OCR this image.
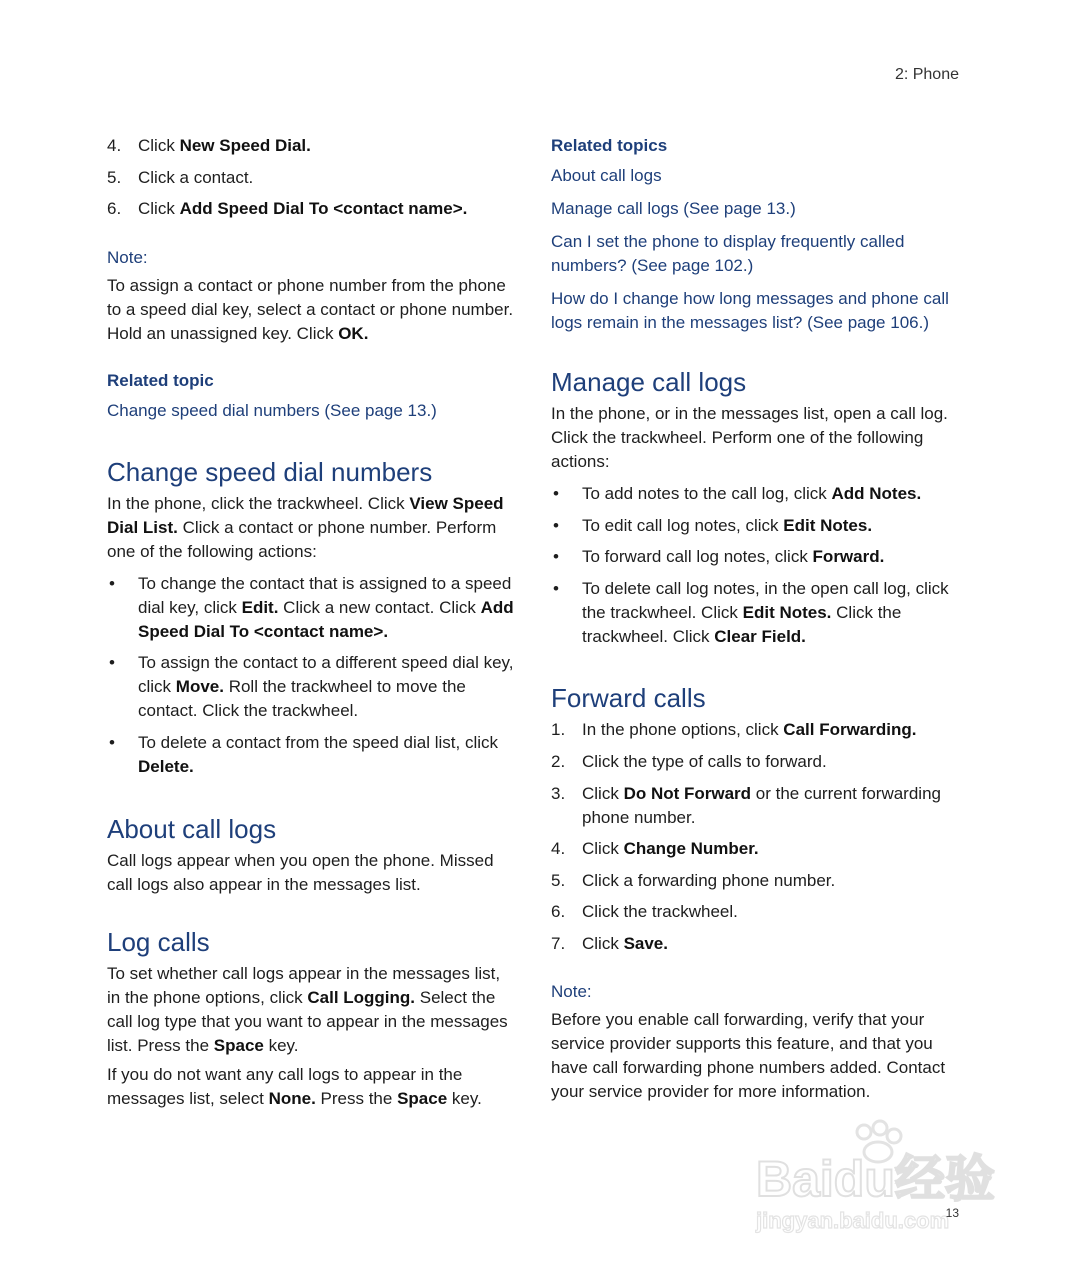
2: Phone
4. Click New Speed Dial.
5. Click a contact.
6. Click Add Speed Dial To <contact name>.

Note:

To assign a contact or phone number from the phone to a speed dial key, select a contact or phone number. Hold an unassigned key. Click OK.

Related topic

Change speed dial numbers (See page 13.)

Change speed dial numbers

In the phone, click the trackwheel. Click View Speed Dial List. Click a contact or phone number. Perform one of the following actions:

• To change the contact that is assigned to a speed dial key, click Edit. Click a new contact. Click Add Speed Dial To <contact name>.
• To assign the contact to a different speed dial key, click Move. Roll the trackwheel to move the contact. Click the trackwheel.
• To delete a contact from the speed dial list, click Delete.
About call logs

Call logs appear when you open the phone. Missed call logs also appear in the messages list.

Log calls

To set whether call logs appear in the messages list, in the phone options, click Call Logging. Select the call log type that you want to appear in the messages list. Press the Space key.

If you do not want any call logs to appear in the messages list, select None. Press the Space key.

Related topics

About call logs

Manage call logs (See page 13.)

Can I set the phone to display frequently called numbers? (See page 102.)

How do I change how long messages and phone call logs remain in the messages list? (See page 106.)

Manage call logs

In the phone, or in the messages list, open a call log. Click the trackwheel. Perform one of the following actions:

• To add notes to the call log, click Add Notes.
• To edit call log notes, click Edit Notes.
• To forward call log notes, click Forward.
• To delete call log notes, in the open call log, click the trackwheel. Click Edit Notes. Click the trackwheel. Click Clear Field.
Forward calls
1. In the phone options, click Call Forwarding.
2. Click the type of calls to forward.
3. Click Do Not Forward or the current forwarding phone number.
4. Click Change Number.
5. Click a forwarding phone number.
6. Click the trackwheel.
7. Click Save.

Note:

Before you enable call forwarding, verify that your service provider supports this feature, and that you have call forwarding phone numbers added. Contact your service provider for more information.

Baidu经验
jingyan.baidu.com
13
